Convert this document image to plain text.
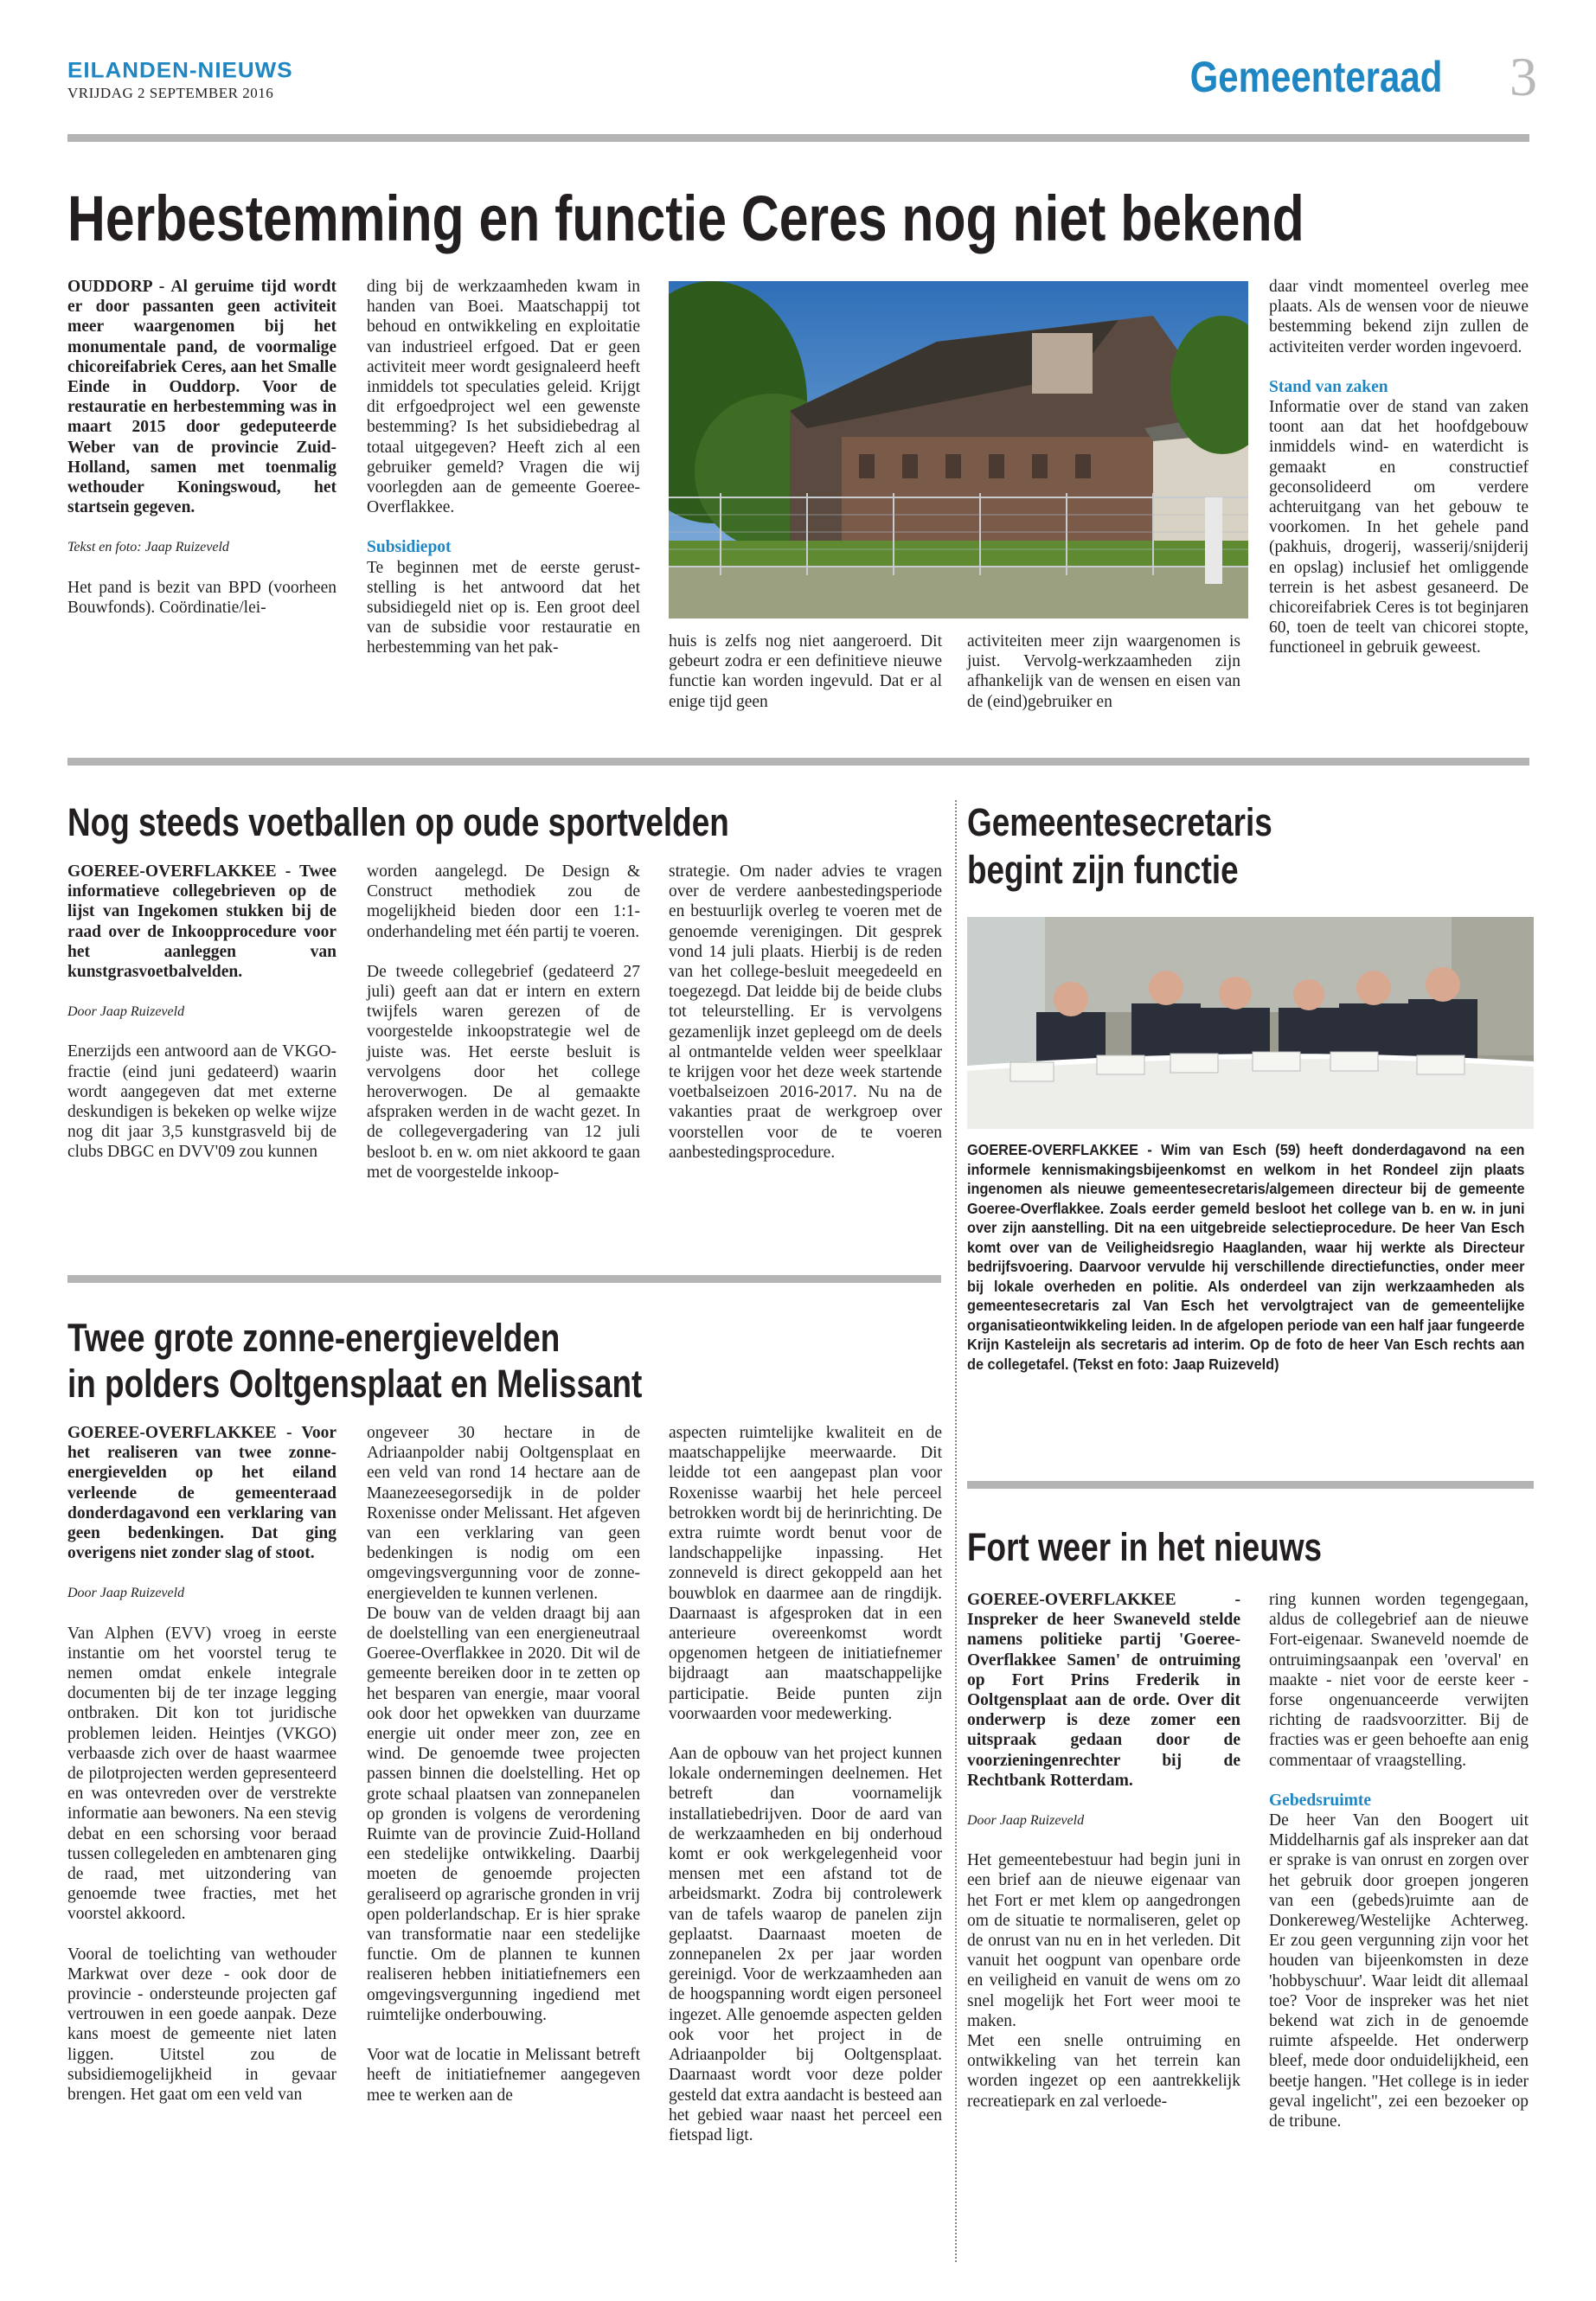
EILANDEN-NIEUWS
VRIJDAG 2 SEPTEMBER 2016	Gemeenteraad 3
Herbestemming en functie Ceres nog niet bekend

OUDDORP - Al geruime tijd wordt er door passanten geen activiteit meer waargenomen bij het monumentale pand, de voormalige chicoreifabriek Ceres, aan het Smalle Einde in Ouddorp. Voor de restauratie en herbestemming was in maart 2015 door gedeputeerde Weber van de provincie Zuid-Holland, samen met toenmalig wethouder Koningswoud, het startsein gegeven.

Tekst en foto: Jaap Ruizeveld

Het pand is bezit van BPD (voorheen Bouwfonds). Coördinatie/lei-

ding bij de werkzaamheden kwam in handen van Boei. Maatschappij tot behoud en ontwikkeling en exploitatie van industrieel erfgoed. Dat er geen activiteit meer wordt gesignaleerd heeft inmiddels tot speculaties geleid. Krijgt dit erfgoedproject wel een gewenste bestemming? Is het subsidiebedrag al totaal uitgegeven? Heeft zich al een gebruiker gemeld? Vragen die wij voorlegden aan de gemeente Goeree-Overflakkee.

Subsidiepot

Te beginnen met de eerste gerust-stelling is het antwoord dat het subsidiegeld niet op is. Een groot deel van de subsidie voor restauratie en herbestemming van het pak-	huis is zelfs nog niet aangeroerd. Dit gebeurt zodra er een definitieve nieuwe functie kan worden ingevuld. Dat er al enige tijd geen

activiteiten meer zijn waargenomen is juist. Vervolg-werkzaamheden zijn afhankelijk van de wensen en eisen van de (eind)gebruiker en

daar vindt momenteel overleg mee plaats. Als de wensen voor de nieuwe bestemming bekend zijn zullen de activiteiten verder worden ingevoerd.

Stand van zaken

Informatie over de stand van zaken toont aan dat het hoofdgebouw inmiddels wind- en waterdicht is gemaakt en constructief geconsolideerd om verdere achteruitgang van het gebouw te voorkomen. In het gehele pand (pakhuis, drogerij, wasserij/snijderij en opslag) inclusief het omliggende terrein is het asbest gesaneerd. De chicoreifabriek Ceres is tot beginjaren 60, toen de teelt van chicorei stopte, functioneel in gebruik geweest.

Nog steeds voetballen op oude sportvelden

GOEREE-OVERFLAKKEE - Twee informatieve collegebrieven op de lijst van Ingekomen stukken bij de raad over de Inkoopprocedure voor het aanleggen van kunstgrasvoetbalvelden.

Door Jaap Ruizeveld

Enerzijds een antwoord aan de VKGO-fractie (eind juni gedateerd) waarin wordt aangegeven dat met externe deskundigen is bekeken op welke wijze nog dit jaar 3,5 kunstgrasveld bij de clubs DBGC en DVV'09 zou kunnen

worden aangelegd. De Design & Construct methodiek zou de mogelijkheid bieden door een 1:1-onderhandeling met één partij te voeren.

De tweede collegebrief (gedateerd 27 juli) geeft aan dat er intern en extern twijfels waren gerezen of de voorgestelde inkoopstrategie wel de juiste was. Het eerste besluit is vervolgens door het college heroverwogen. De al gemaakte afspraken werden in de wacht gezet. In de collegevergadering van 12 juli besloot b. en w. om niet akkoord te gaan met de voorgestelde inkoop-

strategie. Om nader advies te vragen over de verdere aanbestedingsperiode en bestuurlijk overleg te voeren met de genoemde verenigingen. Dit gesprek vond 14 juli plaats. Hierbij is de reden van het college-besluit meegedeeld en toegezegd. Dat leidde bij de beide clubs tot teleurstelling. Er is vervolgens gezamenlijk inzet gepleegd om de deels al ontmantelde velden weer speelklaar te krijgen voor het deze week startende voetbalseizoen 2016-2017. Nu na de vakanties praat de werkgroep over voorstellen voor de te voeren aanbestedingsprocedure.

Twee grote zonne-energievelden
in polders Ooltgensplaat en Melissant

GOEREE-OVERFLAKKEE - Voor het realiseren van twee zonne-energievelden op het eiland verleende de gemeenteraad donderdagavond een verklaring van geen bedenkingen. Dat ging overigens niet zonder slag of stoot.

Door Jaap Ruizeveld

Van Alphen (EVV) vroeg in eerste instantie om het voorstel terug te nemen omdat enkele integrale documenten bij de ter inzage legging ontbraken. Dit kon tot juridische problemen leiden. Heintjes (VKGO) verbaasde zich over de haast waarmee de pilotprojecten werden gepresenteerd en was ontevreden over de verstrekte informatie aan bewoners. Na een stevig debat en een schorsing voor beraad tussen collegeleden en ambtenaren ging de raad, met uitzondering van genoemde twee fracties, met het voorstel akkoord.

Vooral de toelichting van wethouder Markwat over deze - ook door de provincie - ondersteunde projecten gaf vertrouwen in een goede aanpak. Deze kans moest de gemeente niet laten liggen. Uitstel zou de subsidiemogelijkheid in gevaar brengen. Het gaat om een veld van

ongeveer 30 hectare in de Adriaanpolder nabij Ooltgensplaat en een veld van rond 14 hectare aan de Maanezeesegorsedijk in de polder Roxenisse onder Melissant. Het afgeven van een verklaring van geen bedenkingen is nodig om een omgevingsvergunning voor de zonne-energievelden te kunnen verlenen.

De bouw van de velden draagt bij aan de doelstelling van een energieneutraal Goeree-Overflakkee in 2020. Dit wil de gemeente bereiken door in te zetten op het besparen van energie, maar vooral ook door het opwekken van duurzame energie uit onder meer zon, zee en wind. De genoemde twee projecten passen binnen die doelstelling. Het op grote schaal plaatsen van zonnepanelen op gronden is volgens de verordening Ruimte van de provincie Zuid-Holland een stedelijke ontwikkeling. Daarbij moeten de genoemde projecten geraliseerd op agrarische gronden in vrij open polderlandschap. Er is hier sprake van transformatie naar een stedelijke functie. Om de plannen te kunnen realiseren hebben initiatiefnemers een omgevingsvergunning ingediend met ruimtelijke onderbouwing.

Voor wat de locatie in Melissant betreft heeft de initiatiefnemer aangegeven mee te werken aan de

aspecten ruimtelijke kwaliteit en de maatschappelijke meerwaarde. Dit leidde tot een aangepast plan voor Roxenisse waarbij het hele perceel betrokken wordt bij de herinrichting. De extra ruimte wordt benut voor de landschappelijke inpassing. Het zonneveld is direct gekoppeld aan het bouwblok en daarmee aan de ringdijk. Daarnaast is afgesproken dat in een anterieure overeenkomst wordt opgenomen hetgeen de initiatiefnemer bijdraagt aan maatschappelijke participatie. Beide punten zijn voorwaarden voor medewerking.

Aan de opbouw van het project kunnen lokale ondernemingen deelnemen. Het betreft dan voornamelijk installatiebedrijven. Door de aard van de werkzaamheden en bij onderhoud komt er ook werkgelegenheid voor mensen met een afstand tot de arbeidsmarkt. Zodra bij controlewerk van de tafels waarop de panelen zijn geplaatst. Daarnaast moeten de zonnepanelen 2x per jaar worden gereinigd. Voor de werkzaamheden aan de hoogspanning wordt eigen personeel ingezet. Alle genoemde aspecten gelden ook voor het project in de Adriaanpolder bij Ooltgensplaat. Daarnaast wordt voor deze polder gesteld dat extra aandacht is besteed aan het gebied waar naast het perceel een fietspad ligt.

Gemeentesecretaris
begint zijn functie
GOEREE-OVERFLAKKEE - Wim van Esch (59) heeft donderdagavond na een informele kennismakingsbijeenkomst en welkom in het Rondeel zijn plaats ingenomen als nieuwe gemeentesecretaris/algemeen directeur bij de gemeente Goeree-Overflakkee. Zoals eerder gemeld besloot het college van b. en w. in juni over zijn aanstelling. Dit na een uitgebreide selectieprocedure. De heer Van Esch komt over van de Veiligheidsregio Haaglanden, waar hij werkte als Directeur bedrijfsvoering. Daarvoor vervulde hij verschillende directiefuncties, onder meer bij lokale overheden en politie. Als onderdeel van zijn werkzaamheden als gemeentesecretaris zal Van Esch het vervolgtraject van de gemeentelijke organisatieontwikkeling leiden. In de afgelopen periode van een half jaar fungeerde Krijn Kasteleijn als secretaris ad interim. Op de foto de heer Van Esch rechts aan de collegetafel. (Tekst en foto: Jaap Ruizeveld)
Fort weer in het nieuws

GOEREE-OVERFLAKKEE - Inspreker de heer Swaneveld stelde namens politieke partij 'Goeree-Overflakkee Samen' de ontruiming op Fort Prins Frederik in Ooltgensplaat aan de orde. Over dit onderwerp is deze zomer een uitspraak gedaan door de voorzieningenrechter bij de Rechtbank Rotterdam.

Door Jaap Ruizeveld

Het gemeentebestuur had begin juni in een brief aan de nieuwe eigenaar van het Fort er met klem op aangedrongen om de situatie te normaliseren, gelet op de onrust van nu en in het verleden. Dit vanuit het oogpunt van openbare orde en veiligheid en vanuit de wens om zo snel mogelijk het Fort weer mooi te maken.

Met een snelle ontruiming en ontwikkeling van het terrein kan worden ingezet op een aantrekkelijk recreatiepark en zal verloede-

ring kunnen worden tegengegaan, aldus de collegebrief aan de nieuwe Fort-eigenaar. Swaneveld noemde de ontruimingsaanpak een 'overval' en maakte - niet voor de eerste keer - forse ongenuanceerde verwijten richting de raadsvoorzitter. Bij de fracties was er geen behoefte aan enig commentaar of vraagstelling.

Gebedsruimte

De heer Van den Boogert uit Middelharnis gaf als inspreker aan dat er sprake is van onrust en zorgen over het gebruik door groepen jongeren van een (gebeds)ruimte aan de Donkereweg/Westelijke Achterweg. Er zou geen vergunning zijn voor het houden van bijeenkomsten in deze 'hobbyschuur'. Waar leidt dit allemaal toe? Voor de inspreker was het niet bekend wat zich in de genoemde ruimte afspeelde. Het onderwerp bleef, mede door onduidelijkheid, een beetje hangen. "Het college is in ieder geval ingelicht", zei een bezoeker op de tribune.
